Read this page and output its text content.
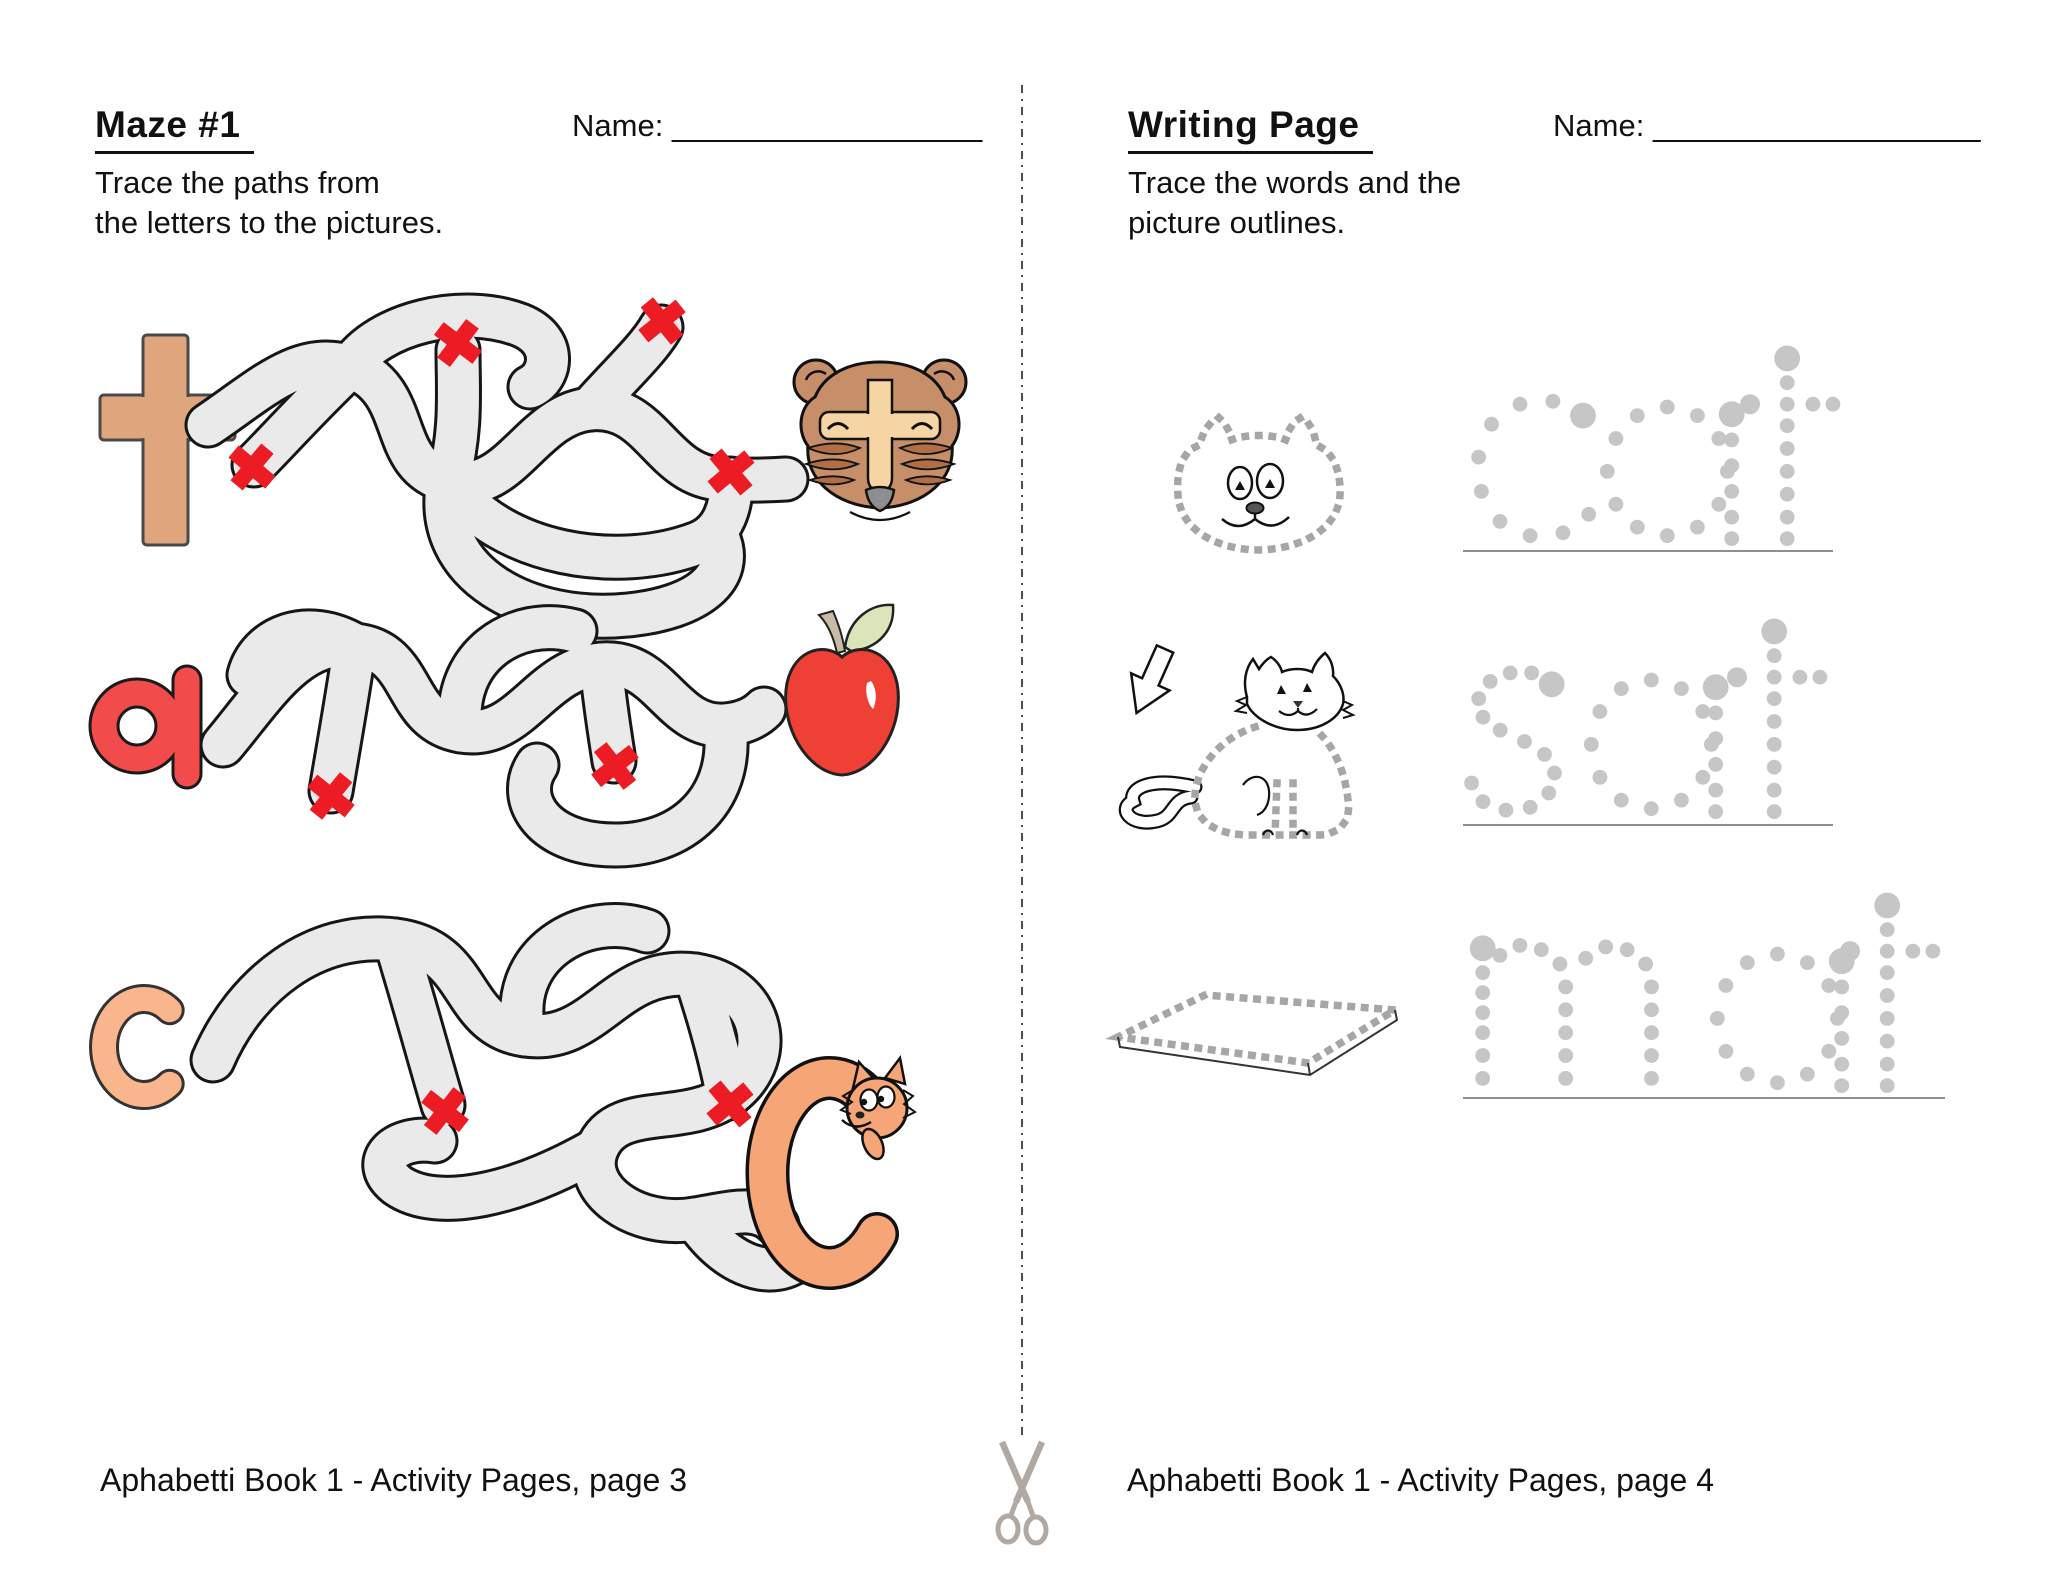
Maze #1
Trace the paths from
the letters to the pictures.
Name: __________________
Aphabetti Book 1 - Activity Pages, page 3
Writing Page
Trace the words and the
picture outlines.
Name: ___________________
Aphabetti Book 1 - Activity Pages, page 4
